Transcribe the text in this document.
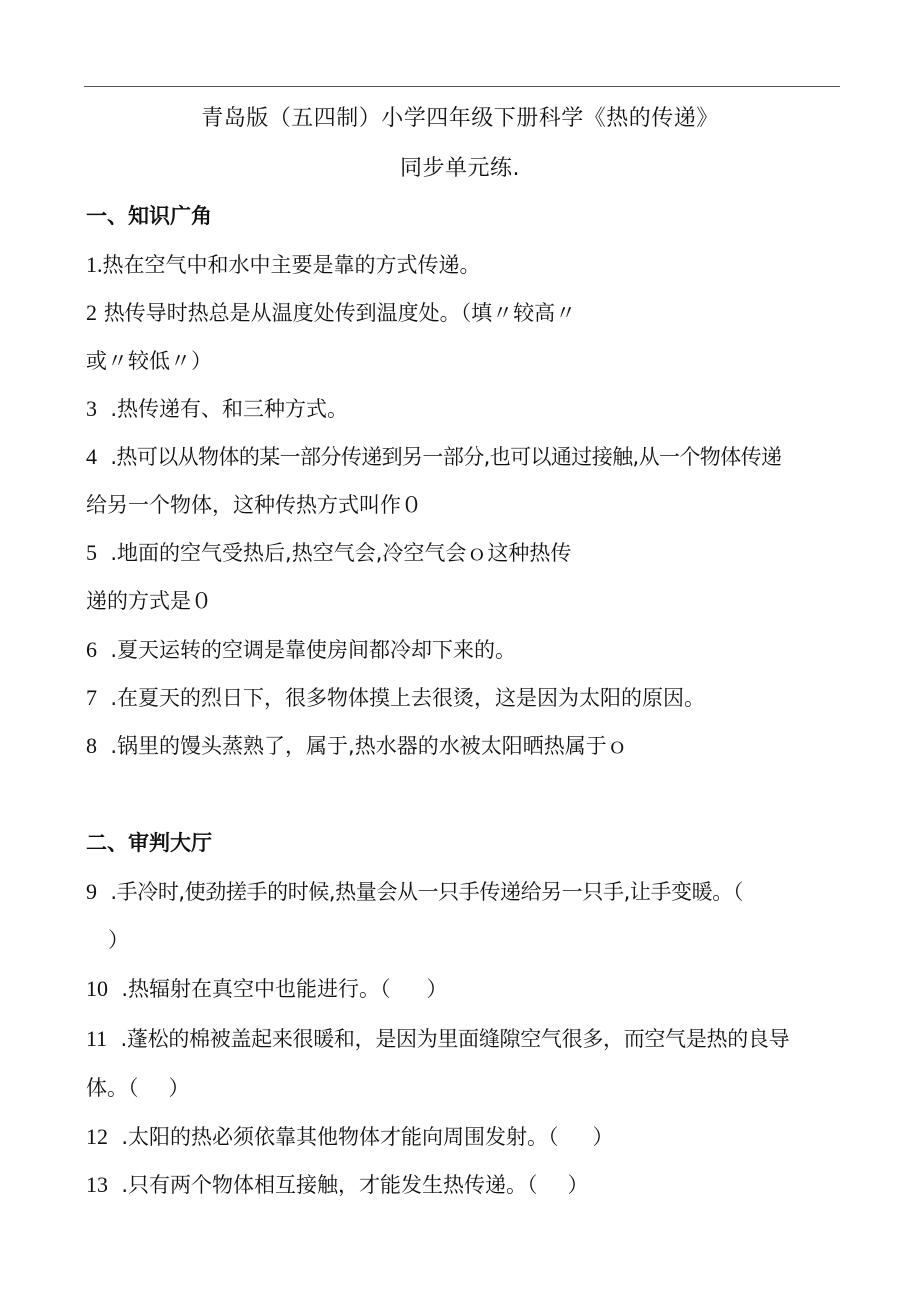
青岛版（五四制）小学四年级下册科学《热的传递》
同步单元练.
一、知识广角
1.热在空气中和水中主要是靠的方式传递。
2 热传导时热总是从温度处传到温度处。（填〃较高〃
或〃较低〃）
3 .热传递有、和三种方式。
4 .热可以从物体的某一部分传递到另一部分,也可以通过接触,从一个物体传递
给另一个物体，这种传热方式叫作０
5 .地面的空气受热后,热空气会,冷空气会ｏ这种热传
递的方式是０
6 .夏天运转的空调是靠使房间都冷却下来的。
7 .在夏天的烈日下，很多物体摸上去很烫，这是因为太阳的原因。
8 .锅里的馒头蒸熟了，属于,热水器的水被太阳晒热属于ｏ
二、审判大厅
9 .手冷时,使劲搓手的时候,热量会从一只手传递给另一只手,让手变暖。（
）
10 .热辐射在真空中也能进行。（ ）
11 .蓬松的棉被盖起来很暖和，是因为里面缝隙空气很多，而空气是热的良导
体。（ ）
12 .太阳的热必须依靠其他物体才能向周围发射。（ ）
13 .只有两个物体相互接触，才能发生热传递。（ ）
